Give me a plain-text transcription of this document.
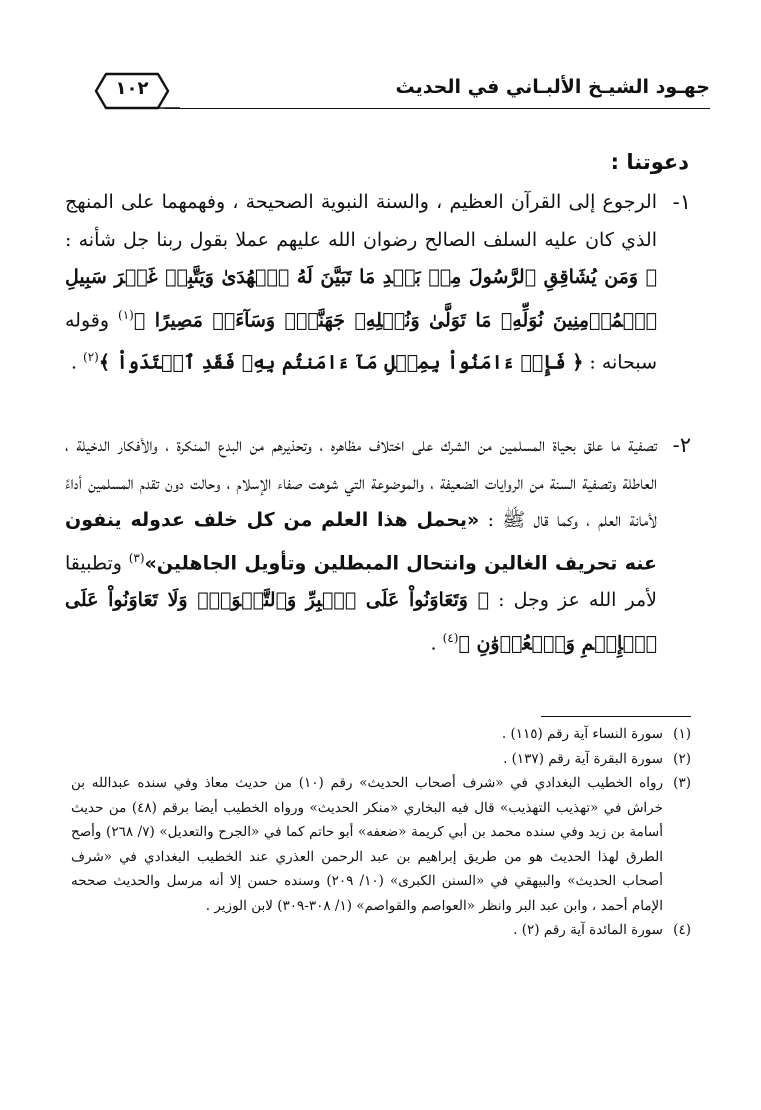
جهـود الشيـخ الألبـاني في الحديث
١٠٢
دعوتنا :
١-
الرجوع إلى القرآن العظيم ، والسنة النبوية الصحيحة ، وفهمهما على المنهج الذي كان عليه السلف الصالح رضوان الله عليهم عملا بقول ربنا جل شأنه : ﴿ وَمَن يُشَاقِقِ ٱلرَّسُولَ مِنۢ بَعۡدِ مَا تَبَيَّنَ لَهُ ٱلۡهُدَىٰ وَيَتَّبِعۡ غَيۡرَ سَبِيلِ ٱلۡمُؤۡمِنِينَ نُوَلِّهِۦ مَا تَوَلَّىٰ وَنُصۡلِهِۦ جَهَنَّمَۖ وَسَآءَتۡ مَصِيرًا ﴾$^{(١)}$ وقوله سبحانه : ﴿ فَإِنۡ ءَامَنُواْ بِمِثۡلِ مَآ ءَامَنتُم بِهِۦ فَقَدِ ٱهۡتَدَواْ ﴾$^{(٢)}$ .
٢-
تصفية ما علق بحياة المسلمين من الشرك على اختلاف مظاهره ، وتحذيرهم من البدع المنكرة ، والأفكار الدخيلة ، العاطلة وتصفية السنة من الروايات الضعيفة ، والموضوعة التي شوهت صفاء الإسلام ، وحالت دون تقدم المسلمين أداءً لأمانة العلم ، وكما قال ﷺ : «يحمل هذا العلم من كل خلف عدوله ينفون عنه تحريف الغالين وانتحال المبطلين وتأويل الجاهلين»$^{(٣)}$ وتطبيقا لأمر الله عز وجل : ﴿ وَتَعَاوَنُواْ عَلَى ٱلۡبِرِّ وَٱلتَّقۡوَىٰۖ وَلَا تَعَاوَنُواْ عَلَى ٱلۡإِثۡمِ وَٱلۡعُدۡوَٰنِ ﴾$^{(٤)}$ .
(١)
سورة النساء آية رقم (١١٥) .
(٢)
سورة البقرة آية رقم (١٣٧) .
(٣)
رواه الخطيب البغدادي في «شرف أصحاب الحديث» رقم (١٠) من حديث معاذ وفي سنده عبدالله بن خراش في «تهذيب التهذيب» قال فيه البخاري «منكر الحديث» ورواه الخطيب أيضا برقم (٤٨) من حديث أسامة بن زيد وفي سنده محمد بن أبي كريمة «ضعفه» أبو حاتم كما في «الجرح والتعديل» (٧/ ٢٦٨) وأصح الطرق لهذا الحديث هو من طريق إبراهيم بن عبد الرحمن العذري عند الخطيب البغدادي في «شرف أصحاب الحديث» والبيهقي في «السنن الكبرى» (١٠/ ٢٠٩) وسنده حسن إلا أنه مرسل والحديث صححه الإمام أحمد ، وابن عبد البر وانظر «العواصم والقواصم» (١/ ٣٠٨-٣٠٩) لابن الوزير .
(٤)
سورة المائدة آية رقم (٢) .
